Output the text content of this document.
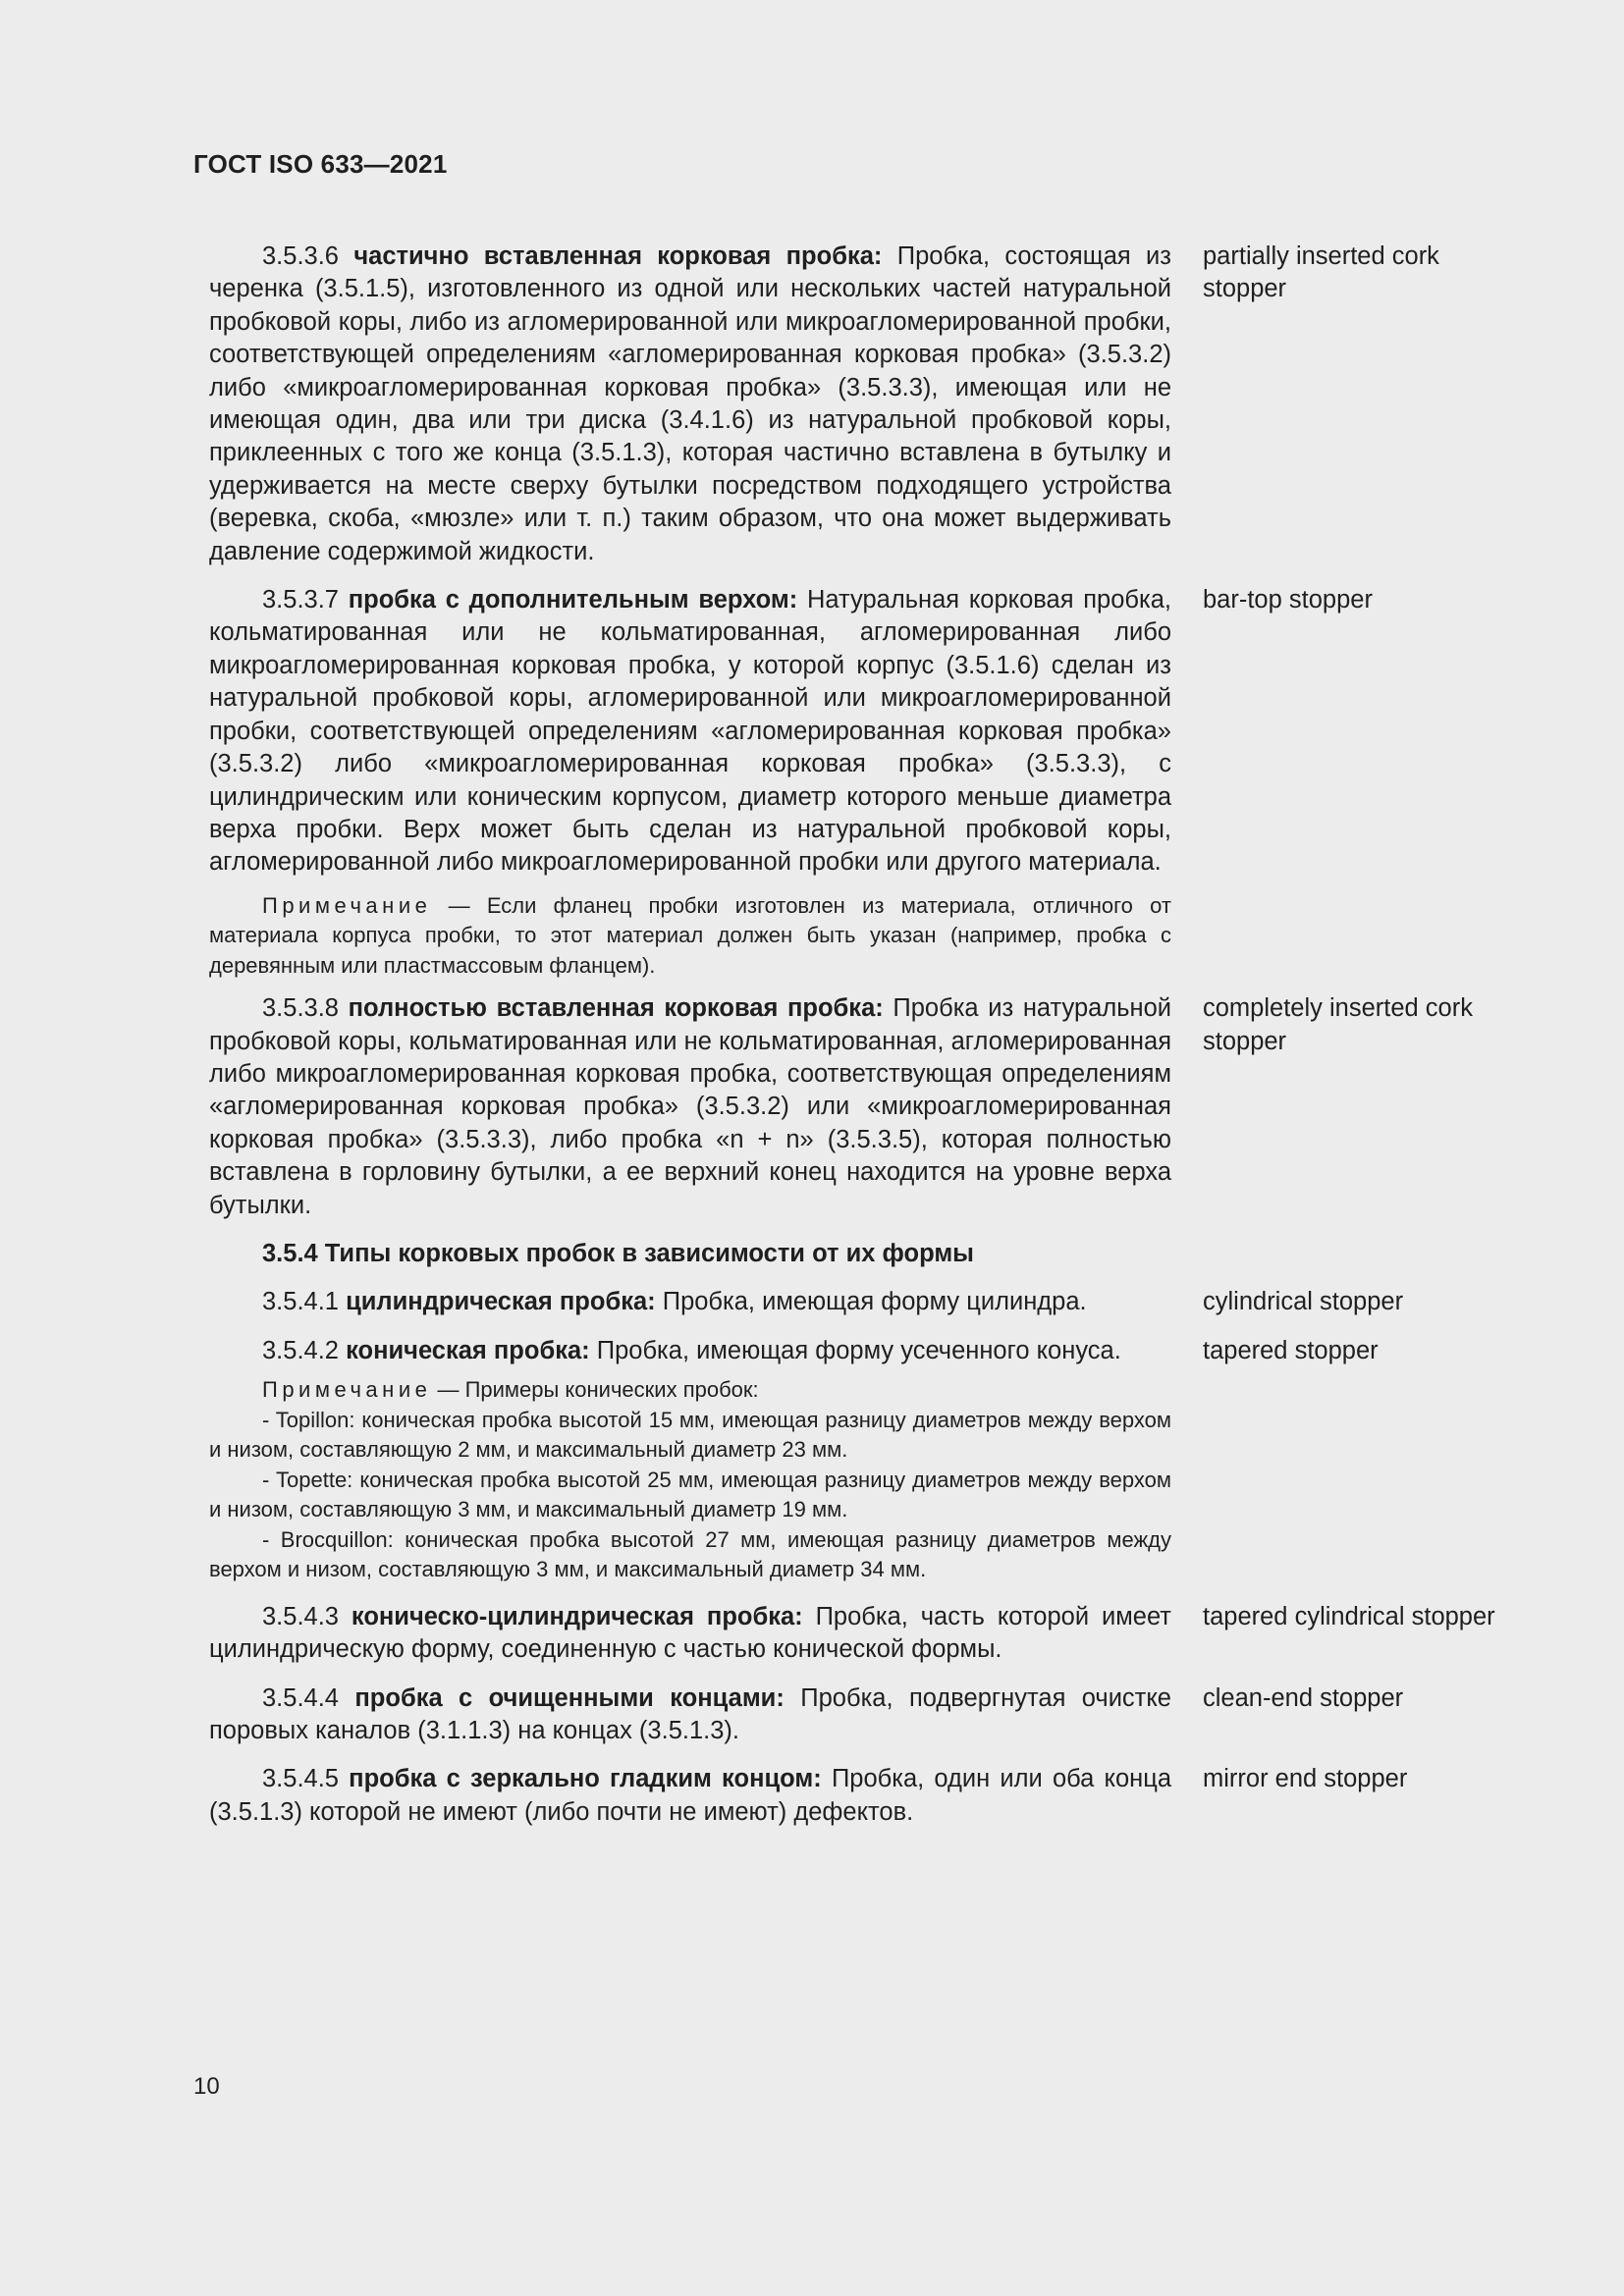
ГОСТ ISO 633—2021

3.5.3.6 частично вставленная корковая пробка: Пробка, состоящая из черенка (3.5.1.5), изготовленного из одной или нескольких частей натуральной пробковой коры, либо из агломерированной или микроагломерированной пробки, соответствующей определениям «агломерированная корковая пробка» (3.5.3.2) либо «микроагломерированная корковая пробка» (3.5.3.3), имеющая или не имеющая один, два или три диска (3.4.1.6) из натуральной пробковой коры, приклеенных с того же конца (3.5.1.3), которая частично вставлена в бутылку и удерживается на месте сверху бутылки посредством подходящего устройства (веревка, скоба, «мюзле» или т. п.) таким образом, что она может выдерживать давление содержимой жидкости.

partially inserted cork stopper

3.5.3.7 пробка с дополнительным верхом: Натуральная корковая пробка, кольматированная или не кольматированная, агломерированная либо микроагломерированная корковая пробка, у которой корпус (3.5.1.6) сделан из натуральной пробковой коры, агломерированной или микроагломерированной пробки, соответствующей определениям «агломерированная корковая пробка» (3.5.3.2) либо «микроагломерированная корковая пробка» (3.5.3.3), с цилиндрическим или коническим корпусом, диаметр которого меньше диаметра верха пробки. Верх может быть сделан из натуральной пробковой коры, агломерированной либо микроагломерированной пробки или другого материала.

bar-top stopper

Примечание — Если фланец пробки изготовлен из материала, отличного от материала корпуса пробки, то этот материал должен быть указан (например, пробка с деревянным или пластмассовым фланцем).

3.5.3.8 полностью вставленная корковая пробка: Пробка из натуральной пробковой коры, кольматированная или не кольматированная, агломерированная либо микроагломерированная корковая пробка, соответствующая определениям «агломерированная корковая пробка» (3.5.3.2) или «микроагломерированная корковая пробка» (3.5.3.3), либо пробка «n + n» (3.5.3.5), которая полностью вставлена в горловину бутылки, а ее верхний конец находится на уровне верха бутылки.

completely inserted cork stopper
3.5.4 Типы корковых пробок в зависимости от их формы

3.5.4.1 цилиндрическая пробка: Пробка, имеющая форму цилиндра.	cylindrical stopper

3.5.4.2 коническая пробка: Пробка, имеющая форму усеченного конуса.	tapered stopper

Примечание — Примеры конических пробок:

- Topillon: коническая пробка высотой 15 мм, имеющая разницу диаметров между верхом и низом, составляющую 2 мм, и максимальный диаметр 23 мм.

- Topette: коническая пробка высотой 25 мм, имеющая разницу диаметров между верхом и низом, составляющую 3 мм, и максимальный диаметр 19 мм.

- Brocquillon: коническая пробка высотой 27 мм, имеющая разницу диаметров между верхом и низом, составляющую 3 мм, и максимальный диаметр 34 мм.

3.5.4.3 коническо-цилиндрическая пробка: Пробка, часть которой имеет цилиндрическую форму, соединенную с частью конической формы.

tapered cylindrical stopper

3.5.4.4 пробка с очищенными концами: Пробка, подвергнутая очистке поровых каналов (3.1.1.3) на концах (3.5.1.3).

clean-end stopper

3.5.4.5 пробка с зеркально гладким концом: Пробка, один или оба конца (3.5.1.3) которой не имеют (либо почти не имеют) дефектов.

mirror end stopper
10
